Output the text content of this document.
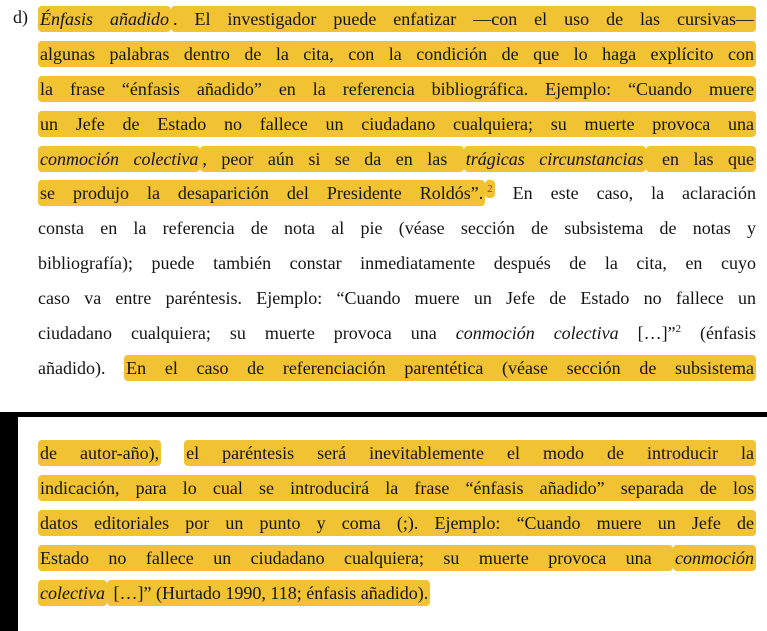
d) Énfasis añadido . El investigador puede enfatizar —con el uso de las cursivas—
algunas palabras dentro de la cita, con la condición de que lo haga explícito con
la frase “énfasis añadido” en la referencia bibliográfica. Ejemplo: “Cuando muere
un Jefe de Estado no fallece un ciudadano cualquiera; su muerte provoca una
conmoción colectiva , peor aún si se da en las trágicas circunstancias en las que
se produjo la desaparición del Presidente Roldós”. $^2$ En este caso, la aclaración
consta en la referencia de nota al pie (véase sección de subsistema de notas y
bibliografía); puede también constar inmediatamente después de la cita, en cuyo
caso va entre paréntesis. Ejemplo: “Cuando muere un Jefe de Estado no fallece un
ciudadano cualquiera; su muerte provoca una conmoción colectiva […]”$^2$ (énfasis
añadido). En el caso de referenciación parentética (véase sección de subsistema
de autor-año), el paréntesis será inevitablemente el modo de introducir la
indicación, para lo cual se introducirá la frase “énfasis añadido” separada de los
datos editoriales por un punto y coma (;). Ejemplo: “Cuando muere un Jefe de
Estado no fallece un ciudadano cualquiera; su muerte provoca una conmoción
colectiva […]” (Hurtado 1990, 118; énfasis añadido).
